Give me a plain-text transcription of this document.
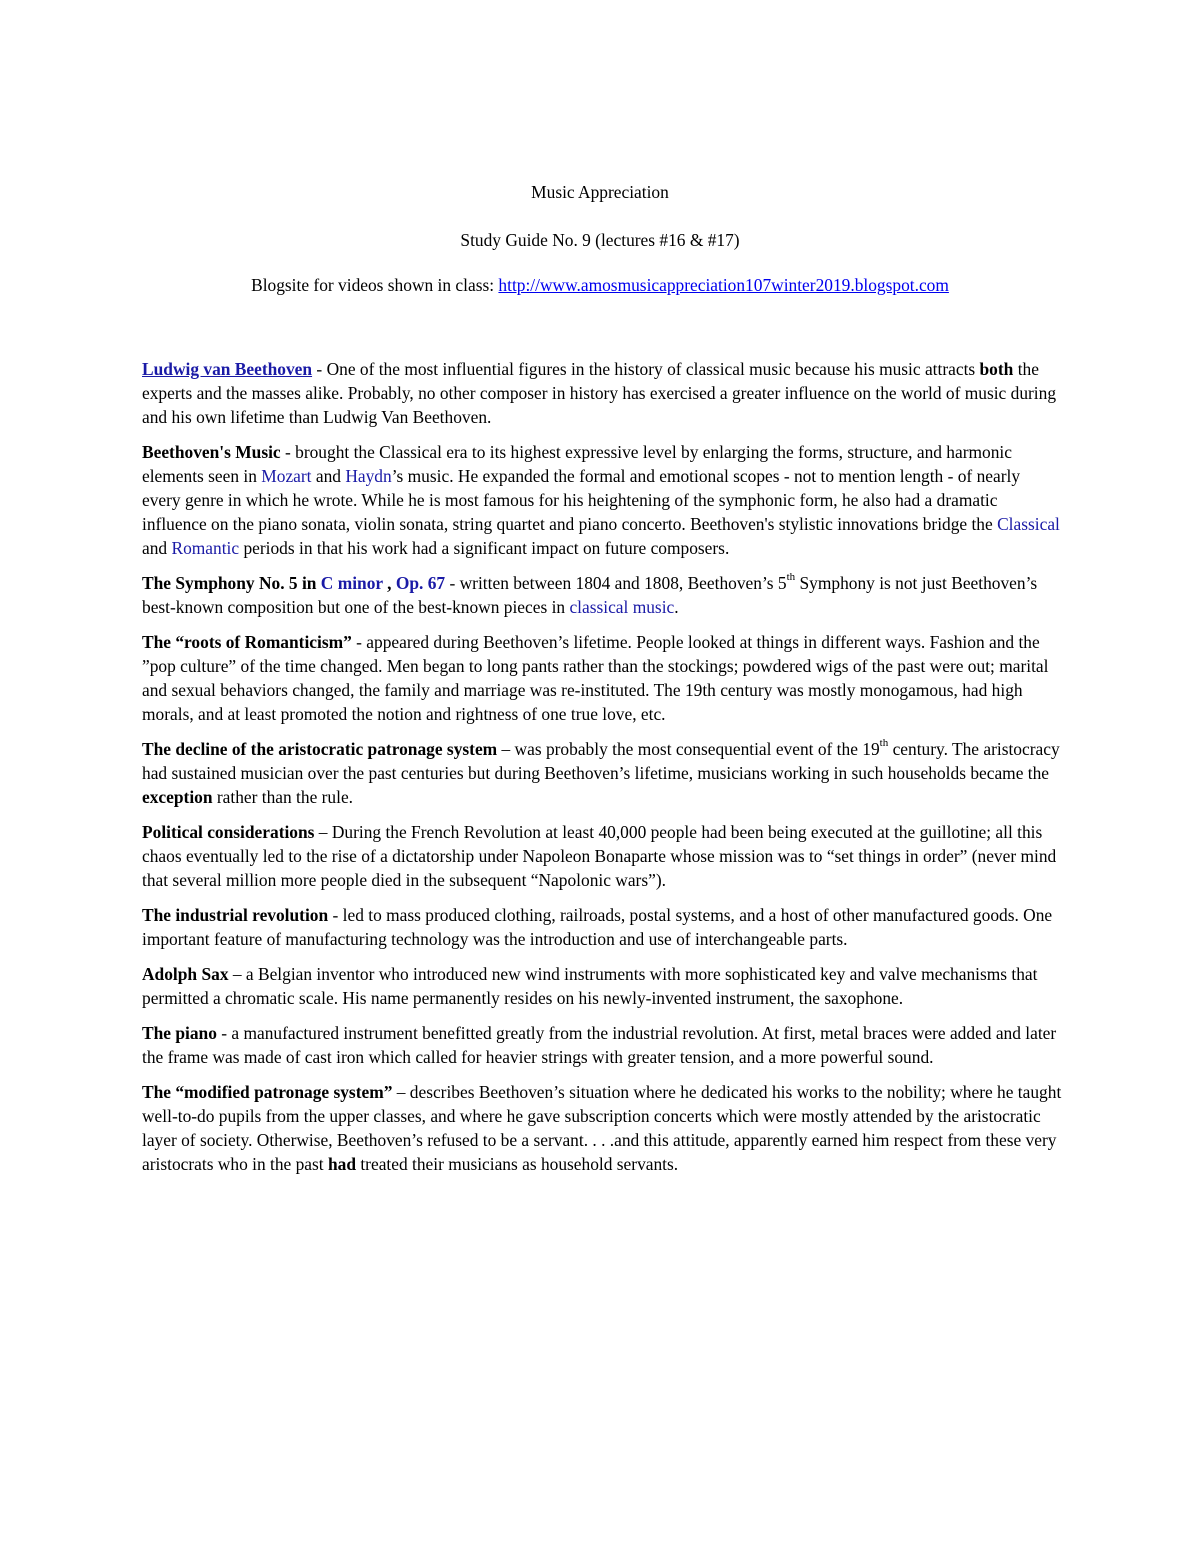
Music Appreciation

Study Guide No. 9 (lectures #16 & #17)

Blogsite for videos shown in class: http://www.amosmusicappreciation107winter2019.blogspot.com

Ludwig van Beethoven - One of the most influential figures in the history of classical music because his music attracts both the experts and the masses alike. Probably, no other composer in history has exercised a greater influence on the world of music during and his own lifetime than Ludwig Van Beethoven.

Beethoven's Music - brought the Classical era to its highest expressive level by enlarging the forms, structure, and harmonic elements seen in Mozart and Haydn’s music. He expanded the formal and emotional scopes - not to mention length - of nearly every genre in which he wrote. While he is most famous for his heightening of the symphonic form, he also had a dramatic influence on the piano sonata, violin sonata, string quartet and piano concerto. Beethoven's stylistic innovations bridge the Classical and Romantic periods in that his work had a significant impact on future composers.

The Symphony No. 5 in C minor , Op. 67 - written between 1804 and 1808, Beethoven’s 5th Symphony is not just Beethoven’s best-known composition but one of the best-known pieces in classical music.

The “roots of Romanticism” - appeared during Beethoven’s lifetime. People looked at things in different ways. Fashion and the ”pop culture” of the time changed. Men began to long pants rather than the stockings; powdered wigs of the past were out; marital and sexual behaviors changed, the family and marriage was re-instituted. The 19th century was mostly monogamous, had high morals, and at least promoted the notion and rightness of one true love, etc.

The decline of the aristocratic patronage system – was probably the most consequential event of the 19th century. The aristocracy had sustained musician over the past centuries but during Beethoven’s lifetime, musicians working in such households became the exception rather than the rule.

Political considerations – During the French Revolution at least 40,000 people had been being executed at the guillotine; all this chaos eventually led to the rise of a dictatorship under Napoleon Bonaparte whose mission was to “set things in order” (never mind that several million more people died in the subsequent “Napolonic wars”).

The industrial revolution - led to mass produced clothing, railroads, postal systems, and a host of other manufactured goods. One important feature of manufacturing technology was the introduction and use of interchangeable parts.

Adolph Sax – a Belgian inventor who introduced new wind instruments with more sophisticated key and valve mechanisms that permitted a chromatic scale. His name permanently resides on his newly-invented instrument, the saxophone.

The piano - a manufactured instrument benefitted greatly from the industrial revolution. At first, metal braces were added and later the frame was made of cast iron which called for heavier strings with greater tension, and a more powerful sound.

The “modified patronage system” – describes Beethoven’s situation where he dedicated his works to the nobility; where he taught well-to-do pupils from the upper classes, and where he gave subscription concerts which were mostly attended by the aristocratic layer of society. Otherwise, Beethoven’s refused to be a servant. . . .and this attitude, apparently earned him respect from these very aristocrats who in the past had treated their musicians as household servants.
